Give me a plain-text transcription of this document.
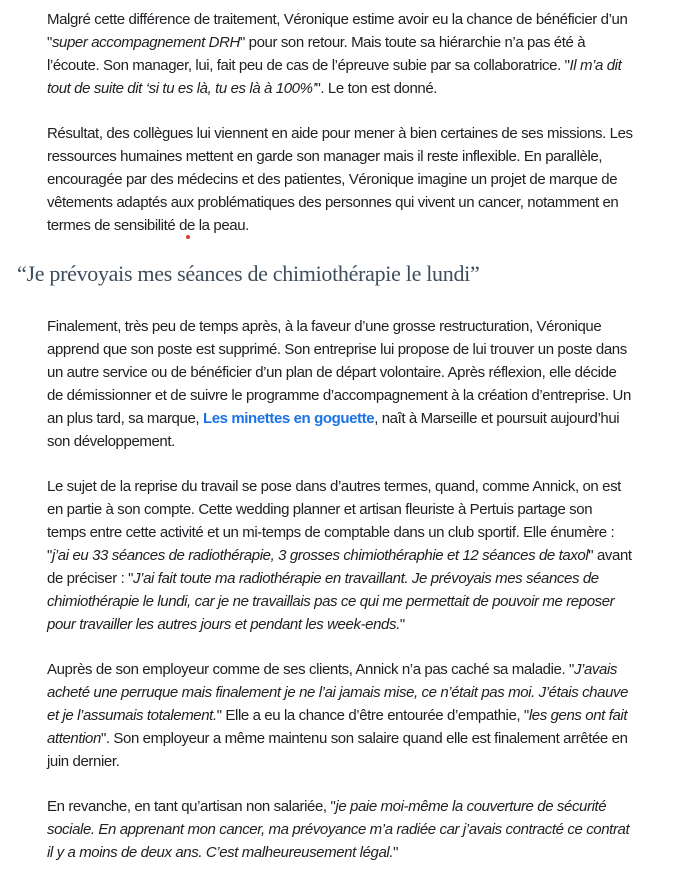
Malgré cette différence de traitement, Véronique estime avoir eu la chance de bénéficier d’un "super accompagnement DRH" pour son retour. Mais toute sa hiérarchie n’a pas été à l’écoute. Son manager, lui, fait peu de cas de l’épreuve subie par sa collaboratrice. "Il m’a dit tout de suite dit ‘si tu es là, tu es là à 100%’". Le ton est donné.

Résultat, des collègues lui viennent en aide pour mener à bien certaines de ses missions. Les ressources humaines mettent en garde son manager mais il reste inflexible. En parallèle, encouragée par des médecins et des patientes, Véronique imagine un projet de marque de vêtements adaptés aux problématiques des personnes qui vivent un cancer, notamment en termes de sensibilité de la peau.

“Je prévoyais mes séances de chimiothérapie le lundi”

Finalement, très peu de temps après, à la faveur d’une grosse restructuration, Véronique apprend que son poste est supprimé. Son entreprise lui propose de lui trouver un poste dans un autre service ou de bénéficier d’un plan de départ volontaire. Après réflexion, elle décide de démissionner et de suivre le programme d’accompagnement à la création d’entreprise. Un an plus tard, sa marque, Les minettes en goguette, naît à Marseille et poursuit aujourd’hui son développement.

Le sujet de la reprise du travail se pose dans d’autres termes, quand, comme Annick, on est en partie à son compte. Cette wedding planner et artisan fleuriste à Pertuis partage son temps entre cette activité et un mi-temps de comptable dans un club sportif. Elle énumère : "j’ai eu 33 séances de radiothérapie, 3 grosses chimiothéraphie et 12 séances de taxol" avant de préciser : "J’ai fait toute ma radiothérapie en travaillant. Je prévoyais mes séances de chimiothérapie le lundi, car je ne travaillais pas ce qui me permettait de pouvoir me reposer pour travailler les autres jours et pendant les week-ends."

Auprès de son employeur comme de ses clients, Annick n’a pas caché sa maladie. "J’avais acheté une perruque mais finalement je ne l’ai jamais mise, ce n’était pas moi. J’étais chauve et je l’assumais totalement." Elle a eu la chance d’être entourée d’empathie, "les gens ont fait attention". Son employeur a même maintenu son salaire quand elle est finalement arrêtée en juin dernier.

En revanche, en tant qu’artisan non salariée, "je paie moi-même la couverture de sécurité sociale. En apprenant mon cancer, ma prévoyance m’a radiée car j’avais contracté ce contrat il y a moins de deux ans. C’est malheureusement légal."
